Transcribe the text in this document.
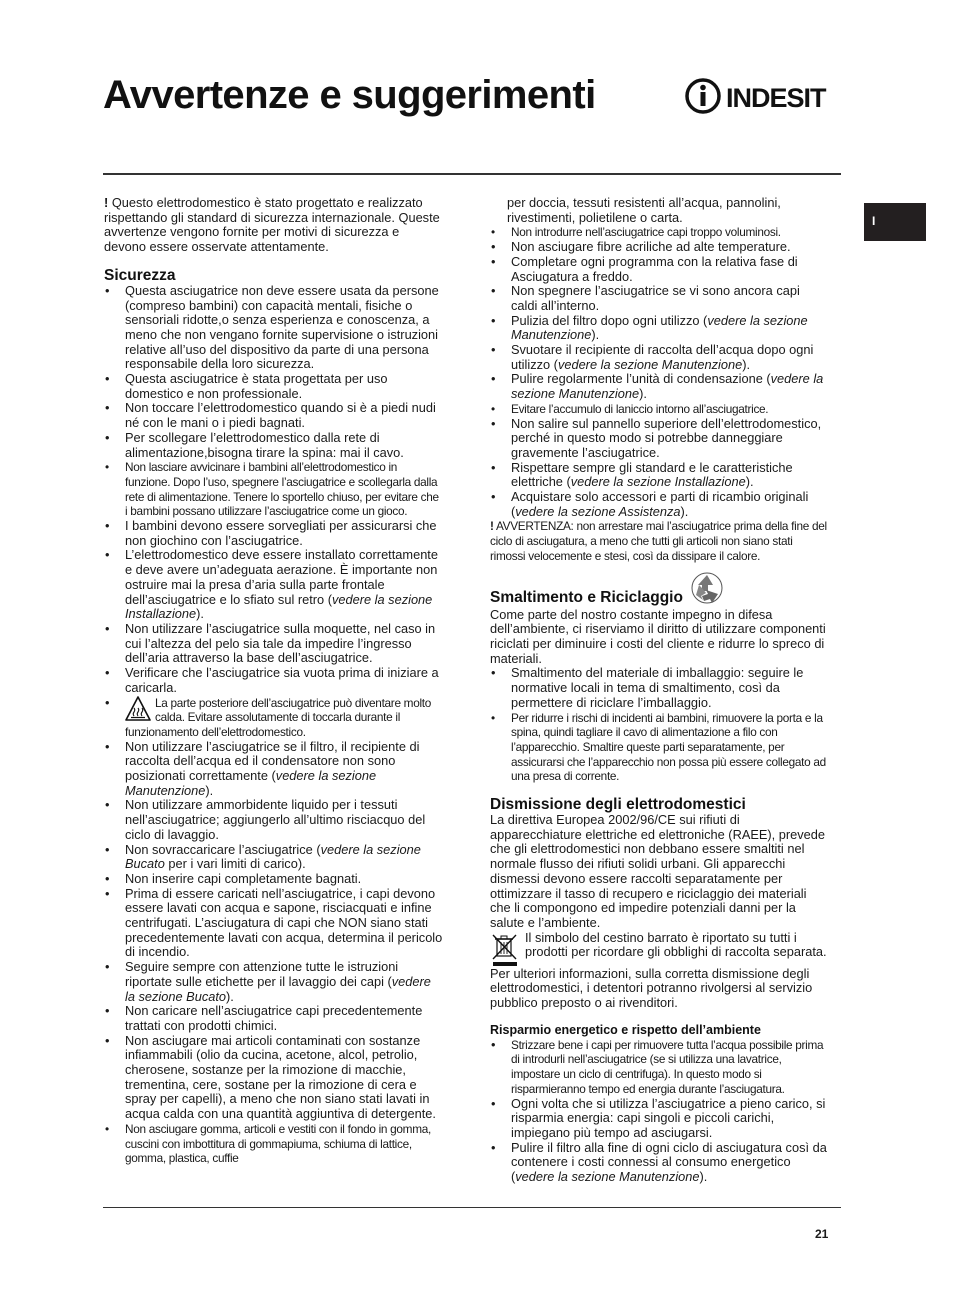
Avvertenze e suggerimenti	INDESIT
I

! Questo elettrodomestico è stato progettato e realizzato rispettando gli standard di sicurezza internazionale. Queste avvertenze vengono fornite per motivi di sicurezza e devono essere osservate attentamente.

Sicurezza
• Questa asciugatrice non deve essere usata da persone (compreso bambini) con capacità mentali, fisiche o sensoriali ridotte,o senza esperienza e conoscenza, a meno che non vengano fornite supervisione o istruzioni relative all’uso del dispositivo da parte di una persona responsabile della loro sicurezza.
• Questa asciugatrice è stata progettata per uso domestico e non professionale.
• Non toccare l’elettrodomestico quando si è a piedi nudi né con le mani o i piedi bagnati.
• Per scollegare l’elettrodomestico dalla rete di alimentazione,bisogna tirare la spina: mai il cavo.
• Non lasciare avvicinare i bambini all’elettrodomestico in funzione. Dopo l’uso, spegnere l’asciugatrice e scollegarla dalla rete di alimentazione. Tenere lo sportello chiuso, per evitare che i bambini possano utilizzare l’asciugatrice come un gioco.
• I bambini devono essere sorvegliati per assicurarsi che non giochino con l’asciugatrice.
• L’elettrodomestico deve essere installato correttamente e deve avere un’adeguata aerazione. È importante non ostruire mai la presa d’aria sulla parte frontale dell’asciugatrice e lo sfiato sul retro (vedere la sezione Installazione).
• Non utilizzare l’asciugatrice sulla moquette, nel caso in cui l’altezza del pelo sia tale da impedire l’ingresso dell’aria attraverso la base dell’asciugatrice.
• Verificare che l’asciugatrice sia vuota prima di iniziare a caricarla.
• La parte posteriore dell’asciugatrice può diventare molto calda. Evitare assolutamente di toccarla durante il funzionamento dell’elettrodomestico.
• Non utilizzare l’asciugatrice se il filtro, il recipiente di raccolta dell’acqua ed il condensatore non sono posizionati correttamente (vedere la sezione Manutenzione).
• Non utilizzare ammorbidente liquido per i tessuti nell’asciugatrice; aggiungerlo all’ultimo risciacquo del ciclo di lavaggio.
• Non sovraccaricare l’asciugatrice (vedere la sezione Bucato per i vari limiti di carico).
• Non inserire capi completamente bagnati.
• Prima di essere caricati nell’asciugatrice, i capi devono essere lavati con acqua e sapone, risciacquati e infine centrifugati. L’asciugatura di capi che NON siano stati precedentemente lavati con acqua, determina il pericolo di incendio.
• Seguire sempre con attenzione tutte le istruzioni riportate sulle etichette per il lavaggio dei capi (vedere la sezione Bucato).
• Non caricare nell’asciugatrice capi precedentemente trattati con prodotti chimici.
• Non asciugare mai articoli contaminati con sostanze infiammabili (olio da cucina, acetone, alcol, petrolio, cherosene, sostanze per la rimozione di macchie, trementina, cere, sostane per la rimozione di cera e spray per capelli), a meno che non siano stati lavati in acqua calda con una quantità aggiuntiva di detergente.
• Non asciugare gomma, articoli e vestiti con il fondo in gomma, cuscini con imbottitura di gommapiuma, schiuma di lattice, gomma, plastica, cuffie

per doccia, tessuti resistenti all’acqua, pannolini, rivestimenti, polietilene o carta.

• Non introdurre nell’asciugatrice capi troppo voluminosi.
• Non asciugare fibre acriliche ad alte temperature.
• Completare ogni programma con la relativa fase di Asciugatura a freddo.
• Non spegnere l’asciugatrice se vi sono ancora capi caldi all’interno.
• Pulizia del filtro dopo ogni utilizzo (vedere la sezione Manutenzione).
• Svuotare il recipiente di raccolta dell’acqua dopo ogni utilizzo (vedere la sezione Manutenzione).
• Pulire regolarmente l’unità di condensazione (vedere la sezione Manutenzione).
• Evitare l’accumulo di laniccio intorno all’asciugatrice.
• Non salire sul pannello superiore dell’elettrodomestico, perché in questo modo si potrebbe danneggiare gravemente l’asciugatrice.
• Rispettare sempre gli standard e le caratteristiche elettriche (vedere la sezione Installazione).
• Acquistare solo accessori e parti di ricambio originali (vedere la sezione Assistenza).

! AVVERTENZA: non arrestare mai l’asciugatrice prima della fine del ciclo di asciugatura, a meno che tutti gli articoli non siano stati rimossi velocemente e stesi, così da dissipare il calore.

Smaltimento e Riciclaggio

Come parte del nostro costante impegno in difesa dell’ambiente, ci riserviamo il diritto di utilizzare componenti riciclati per diminuire i costi del cliente e ridurre lo spreco di materiali.

• Smaltimento del materiale di imballaggio: seguire le normative locali in tema di smaltimento, così da permettere di riciclare l’imballaggio.
• Per ridurre i rischi di incidenti ai bambini, rimuovere la porta e la spina, quindi tagliare il cavo di alimentazione a filo con l’apparecchio. Smaltire queste parti separatamente, per assicurarsi che l’apparecchio non possa più essere collegato ad una presa di corrente.
Dismissione degli elettrodomestici

La direttiva Europea 2002/96/CE sui rifiuti di apparecchiature elettriche ed elettroniche (RAEE), prevede che gli elettrodomestici non debbano essere smaltiti nel normale flusso dei rifiuti solidi urbani. Gli apparecchi dismessi devono essere raccolti separatamente per ottimizzare il tasso di recupero e riciclaggio dei materiali che li compongono ed impedire potenziali danni per la salute e l’ambiente.

Il simbolo del cestino barrato è riportato su tutti i prodotti per ricordare gli obblighi di raccolta separata.

Per ulteriori informazioni, sulla corretta dismissione degli elettrodomestici, i detentori potranno rivolgersi al servizio pubblico preposto o ai rivenditori.

Risparmio energetico e rispetto dell’ambiente
• Strizzare bene i capi per rimuovere tutta l’acqua possibile prima di introdurli nell’asciugatrice (se si utilizza una lavatrice, impostare un ciclo di centrifuga). In questo modo si risparmieranno tempo ed energia durante l’asciugatura.
• Ogni volta che si utilizza l’asciugatrice a pieno carico, si risparmia energia: capi singoli e piccoli carichi, impiegano più tempo ad asciugarsi.
• Pulire il filtro alla fine di ogni ciclo di asciugatura così da contenere i costi connessi al consumo energetico (vedere la sezione Manutenzione).
21
